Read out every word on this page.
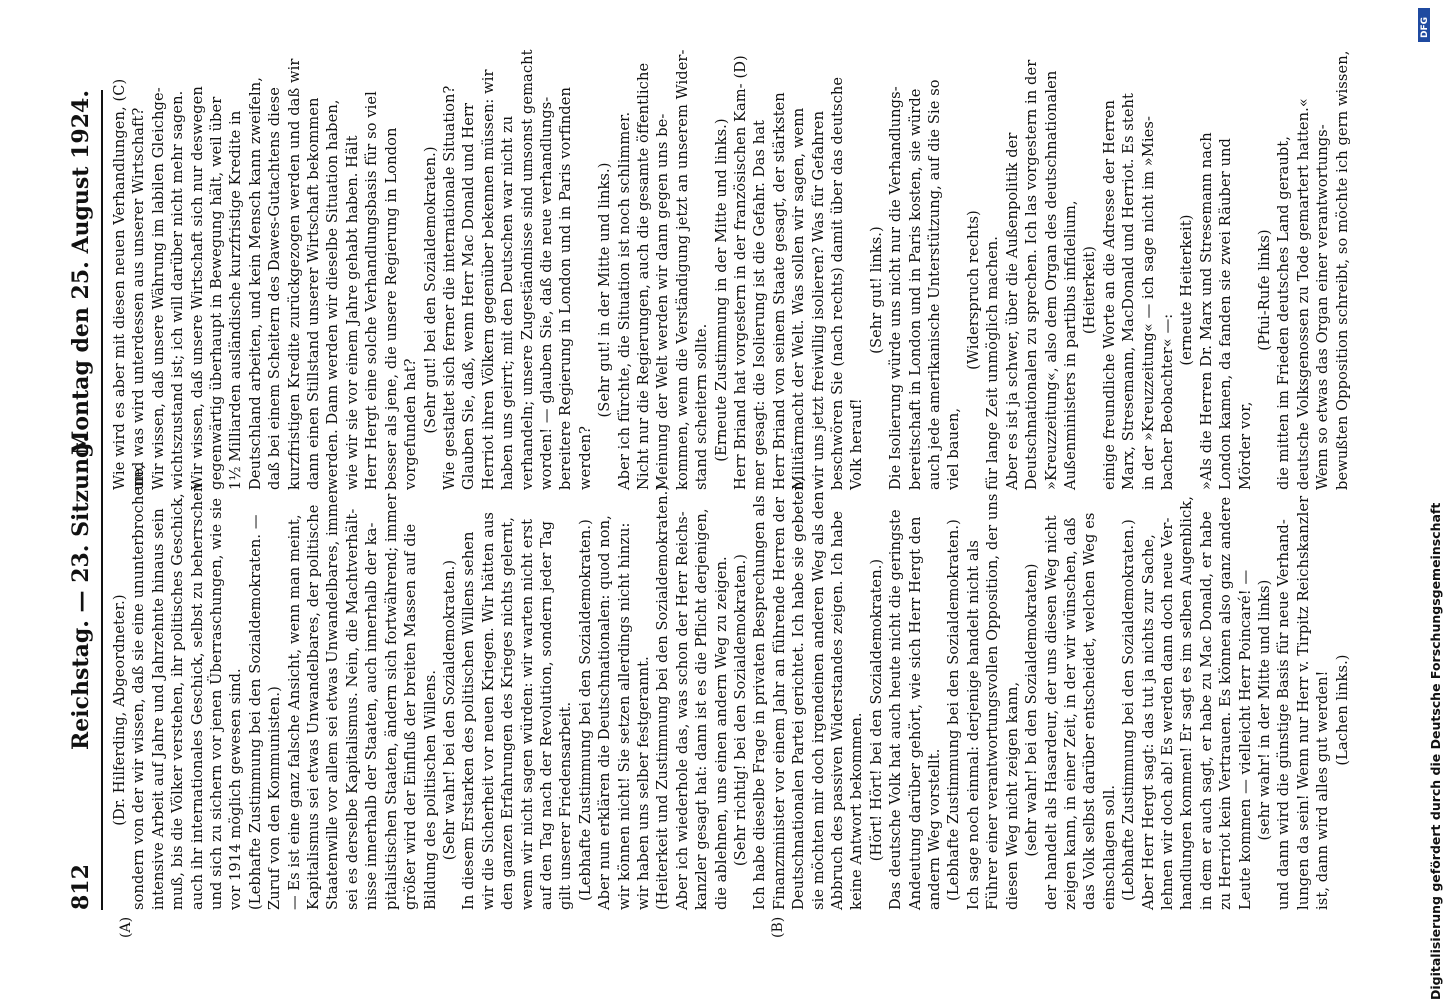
812
Reichstag. — 23. Sitzung.
Montag den 25. August 1924.
(A)	(B)
(Dr. Hilferding, Abgeordneter.) sondern von der wir wissen, daß sie eine ununterbrochene, intensive Arbeit auf Jahre und Jahrzehnte hinaus sein muß, bis die Völker verstehen, ihr politisches Geschick, auch ihr internationales Geschick, selbst zu beherrschen und sich zu sichern vor jenen Überraschungen, wie sie vor 1914 möglich gewesen sind. (Lebhafte Zustimmung bei den Sozialdemokraten. — Zuruf von den Kommunisten.) — Es ist eine ganz falsche Ansicht, wenn man meint, Kapitalismus sei etwas Unwandelbares, der politische Staatenwille vor allem sei etwas Unwandelbares, immer sei es derselbe Kapitalismus. Nein, die Machtverhält- nisse innerhalb der Staaten, auch innerhalb der ka- pitalistischen Staaten, ändern sich fortwährend; immer größer wird der Einfluß der breiten Massen auf die Bildung des politischen Willens. (Sehr wahr! bei den Sozialdemokraten.) In diesem Erstarken des politischen Willens sehen wir die Sicherheit vor neuen Kriegen. Wir hätten aus den ganzen Erfahrungen des Krieges nichts gelernt, wenn wir nicht sagen würden: wir warten nicht erst auf den Tag nach der Revolution, sondern jeder Tag gilt unserer Friedensarbeit. (Lebhafte Zustimmung bei den Sozialdemokraten.) Aber nun erklären die Deutschnationalen: quod non, wir können nicht! Sie setzen allerdings nicht hinzu: wir haben uns selber festgerannt. (Heiterkeit und Zustimmung bei den Sozialdemokraten.) Aber ich wiederhole das, was schon der Herr Reichs- kanzler gesagt hat: dann ist es die Pflicht derjenigen, die ablehnen, uns einen andern Weg zu zeigen. (Sehr richtig! bei den Sozialdemokraten.) Ich habe dieselbe Frage in privaten Besprechungen als Finanzminister vor einem Jahr an führende Herren der Deutschnationalen Partei gerichtet. Ich habe sie gebeten, sie möchten mir doch irgendeinen anderen Weg als den Abbruch des passiven Widerstandes zeigen. Ich habe keine Antwort bekommen. (Hört! Hört! bei den Sozialdemokraten.) Das deutsche Volk hat auch heute nicht die geringste Andeutung darüber gehört, wie sich Herr Hergt den andern Weg vorstellt. (Lebhafte Zustimmung bei den Sozialdemokraten.) Ich sage noch einmal: derjenige handelt nicht als Führer einer verantwortungsvollen Opposition, der uns diesen Weg nicht zeigen kann, (sehr wahr! bei den Sozialdemokraten) der handelt als Hasardeur, der uns diesen Weg nicht zeigen kann, in einer Zeit, in der wir wünschen, daß das Volk selbst darüber entscheidet, welchen Weg es einschlagen soll. (Lebhafte Zustimmung bei den Sozialdemokraten.) Aber Herr Hergt sagt: das tut ja nichts zur Sache, lehnen wir doch ab! Es werden dann doch neue Ver- handlungen kommen! Er sagt es im selben Augenblick, in dem er auch sagt, er habe zu Mac Donald, er habe zu Herriot kein Vertrauen. Es können also ganz andere Leute kommen — vielleicht Herr Poincaré! — (sehr wahr! in der Mitte und links) und dann wird die günstige Basis für neue Verhand- lungen da sein! Wenn nur Herr v. Tirpitz Reichskanzler ist, dann wird alles gut werden! (Lachen links.)
Wie wird es aber mit diesen neuen Verhandlungen, (C) und was wird unterdessen aus unserer Wirtschaft? Wir wissen, daß unsere Währung im labilen Gleichge- wichtszustand ist; ich will darüber nicht mehr sagen. Wir wissen, daß unsere Wirtschaft sich nur deswegen gegenwärtig überhaupt in Bewegung hält, weil über 1½ Milliarden ausländische kurzfristige Kredite in Deutschland arbeiten, und kein Mensch kann zweifeln, daß bei einem Scheitern des Dawes-Gutachtens diese kurzfristigen Kredite zurückgezogen werden und daß wir dann einen Stillstand unserer Wirtschaft bekommen werden. Dann werden wir dieselbe Situation haben, wie wir sie vor einem Jahre gehabt haben. Hält Herr Hergt eine solche Verhandlungsbasis für so viel besser als jene, die unsere Regierung in London vorgefunden hat? (Sehr gut! bei den Sozialdemokraten.) Wie gestaltet sich ferner die internationale Situation? Glauben Sie, daß, wenn Herr Mac Donald und Herr Herriot ihren Völkern gegenüber bekennen müssen: wir haben uns geirrt; mit den Deutschen war nicht zu verhandeln; unsere Zugeständnisse sind umsonst gemacht worden! — glauben Sie, daß die neue verhandlungs- bereitere Regierung in London und in Paris vorfinden werden?
(Sehr gut! in der Mitte und links.) Aber ich fürchte, die Situation ist noch schlimmer. Nicht nur die Regierungen, auch die gesamte öffentliche Meinung der Welt werden wir dann gegen uns be- kommen, wenn die Verständigung jetzt an unserem Wider- stand scheitern sollte. (Erneute Zustimmung in der Mitte und links.) Herr Briand hat vorgestern in der französischen Kam- (D) mer gesagt: die Isolierung ist die Gefahr. Das hat Herr Briand von seinem Staate gesagt, der stärksten Militärmacht der Welt. Was sollen wir sagen, wenn wir uns jetzt freiwillig isolieren? Was für Gefahren beschwören Sie (nach rechts) damit über das deutsche Volk herauf!
(Sehr gut! links.) Die Isolierung würde uns nicht nur die Verhandlungs- bereitschaft in London und in Paris kosten, sie würde auch jede amerikanische Unterstützung, auf die Sie so viel bauen,
(Widerspruch rechts) für lange Zeit unmöglich machen. Aber es ist ja schwer, über die Außenpolitik der Deutschnationalen zu sprechen. Ich las vorgestern in der »Kreuzzeitung«, also dem Organ des deutschnationalen Außenministers in partibus infidelium, (Heiterkeit) einige freundliche Worte an die Adresse der Herren Marx, Stresemann, MacDonald und Herriot. Es steht in der »Kreuzzeitung« — ich sage nicht im »Mies- bacher Beobachter« —:
(erneute Heiterkeit) »Als die Herren Dr. Marx und Stresemann nach London kamen, da fanden sie zwei Räuber und Mörder vor,
(Pfui-Rufe links) die mitten im Frieden deutsches Land geraubt, deutsche Volksgenossen zu Tode gemartert hatten.« Wenn so etwas das Organ einer verantwortungs- bewußten Opposition schreibt, so möchte ich gern wissen,
Digitalisierung gefördert durch die Deutsche Forschungsgemeinschaft
DFG
